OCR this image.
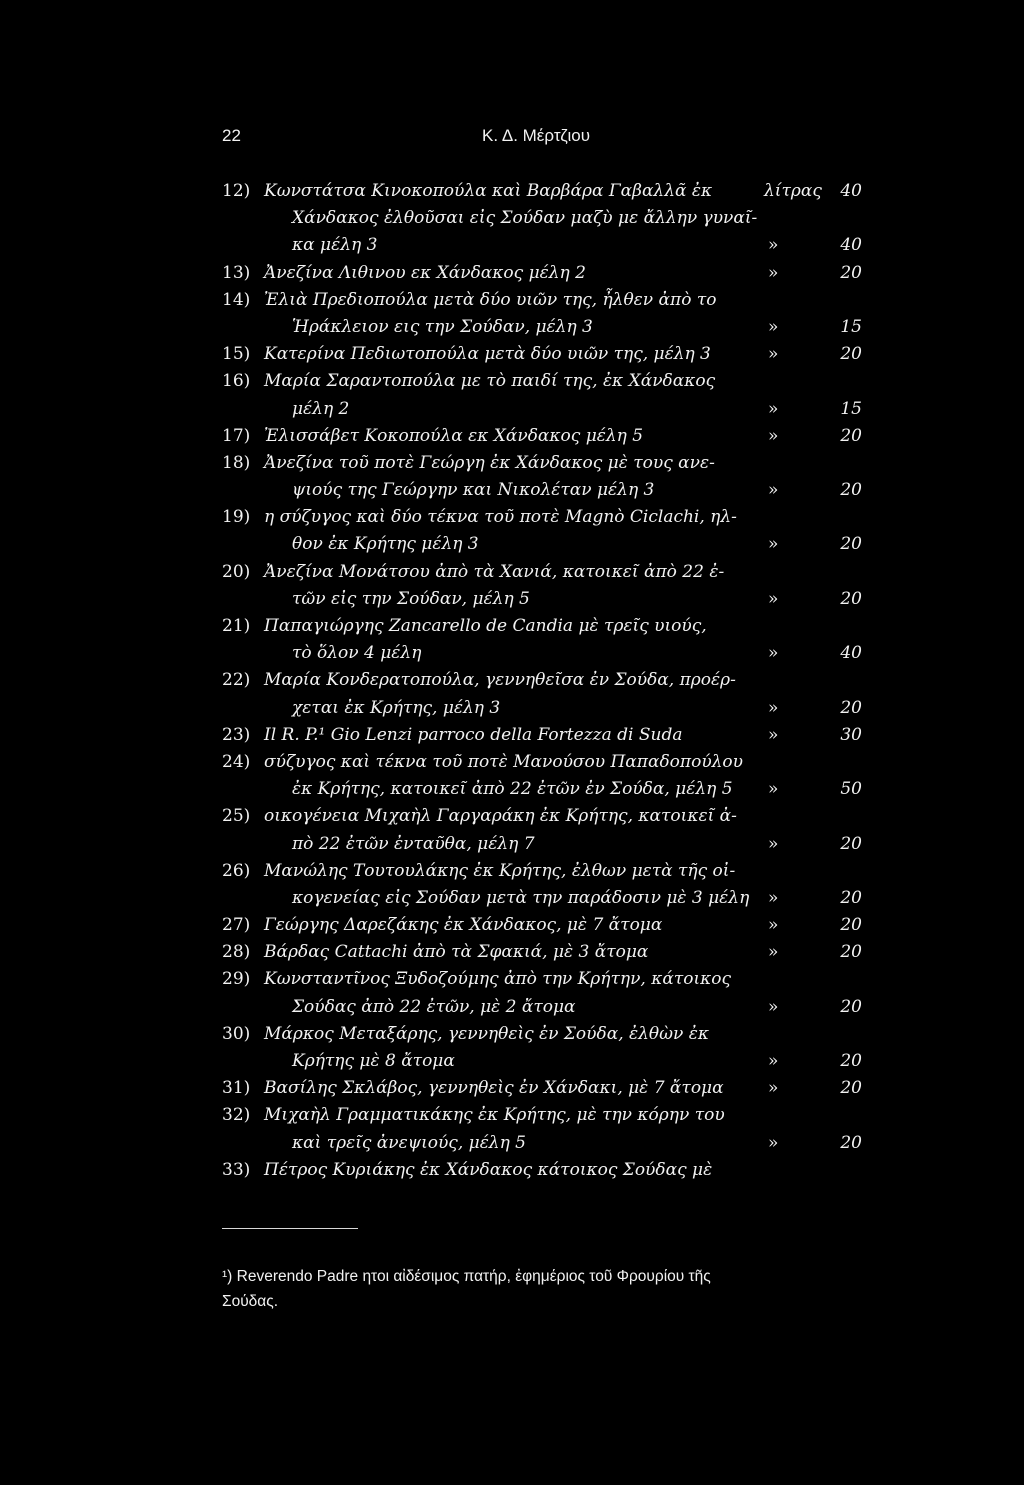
22	Κ. Δ. Μέρτζιου
12) Κωνστάτσα Κινοκοπούλα καὶ Βαρβάρα Γαβαλλᾶ ἐκ	λίτρας 40
Χάνδακος ἐλθοῦσαι εἰς Σούδαν μαζὺ με ἄλλην γυναῖ-
κα μέλη 3	»	40
13) Ἀνεζίνα Λιθινου εκ Χάνδακος μέλη 2	»	20
14) Ἐλιὰ Πρεδιοπούλα μετὰ δύο υιῶν της, ἦλθεν ἀπὸ το
Ἡράκλειον εις την Σούδαν, μέλη 3	»	15
15) Κατερίνα Πεδιωτοπούλα μετὰ δύο υιῶν της, μέλη 3	»	20
16) Μαρία Σαραντοπούλα με τὸ παιδί της, ἐκ Χάνδακος
μέλη 2	»	15
17) Ἐλισσάβετ Κοκοπούλα εκ Χάνδακος μέλη 5	»	20
18) Ἀνεζίνα τοῦ ποτὲ Γεώργη ἐκ Χάνδακος μὲ τους ανε-
ψιούς της Γεώργην και Νικολέταν μέλη 3	»	20
19) η σύζυγος καὶ δύο τέκνα τοῦ ποτὲ Magnò Ciclachi, ηλ-
θον ἐκ Κρήτης μέλη 3	»	20
20) Ἀνεζίνα Μονάτσου ἀπὸ τὰ Χανιά, κατοικεῖ ἀπὸ 22 ἐ-
τῶν εἰς την Σούδαν, μέλη 5	»	20
21) Παπαγιώργης Zancarello de Candia μὲ τρεῖς υιούς,
τὸ ὅλον 4 μέλη	»	40
22) Μαρία Κονδερατοπούλα, γεννηθεῖσα ἐν Σούδα, προέρ-
χεται ἐκ Κρήτης, μέλη 3	»	20
23) Il R. P.¹ Gio Lenzi parroco della Fortezza di Suda	»	30
24) σύζυγος καὶ τέκνα τοῦ ποτὲ Μανούσου Παπαδοπούλου
ἐκ Κρήτης, κατοικεῖ ἀπὸ 22 ἐτῶν ἐν Σούδα, μέλη 5 »	50
25) οικογένεια Μιχαὴλ Γαργαράκη ἐκ Κρήτης, κατοικεῖ ἀ-
πὸ 22 ἐτῶν ἐνταῦθα, μέλη 7	»	20
26) Μανώλης Τουτουλάκης ἐκ Κρήτης, ἐλθων μετὰ τῆς οἰ-
κογενείας εἰς Σούδαν μετὰ την παράδοσιν μὲ 3 μέλη »	20
27) Γεώργης Δαρεζάκης ἐκ Χάνδακος, μὲ 7 ἄτομα	»	20
28) Βάρδας Cattachi ἀπὸ τὰ Σφακιά, μὲ 3 ἄτομα	»	20
29) Κωνσταντῖνος Ξυδοζούμης ἀπὸ την Κρήτην, κάτοικος
Σούδας ἀπὸ 22 ἐτῶν, μὲ 2 ἄτομα	»	20
30) Μάρκος Μεταξάρης, γεννηθεὶς ἐν Σούδα, ἐλθὼν ἐκ
Κρήτης μὲ 8 ἄτομα	»	20
31) Βασίλης Σκλάβος, γεννηθεὶς ἐν Χάνδακι, μὲ 7 ἄτομα	»	20
32) Μιχαὴλ Γραμματικάκης ἐκ Κρήτης, μὲ την κόρην του
καὶ τρεῖς ἀνεψιούς, μέλη 5	»	20
33) Πέτρος Κυριάκης ἐκ Χάνδακος κάτοικος Σούδας μὲ

¹) Reverendo Padre ητοι αἰδέσιμος πατήρ, ἐφημέριος τοῦ Φρουρίου τῆς

Σούδας.
